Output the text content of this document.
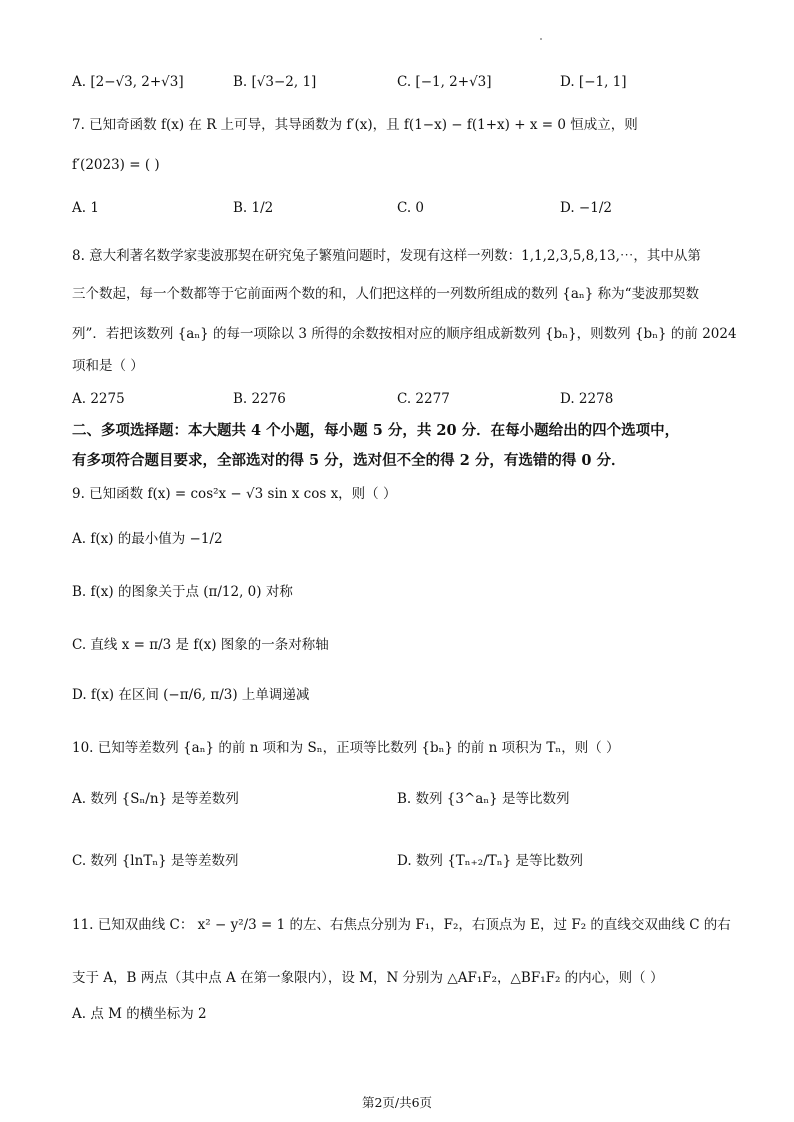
A. [2−√3, 2+√3]	B. [√3−2, 1]	C. [−1, 2+√3]	D. [−1, 1]
7. 已知奇函数 f(x) 在 R 上可导，其导函数为 f′(x)，且 f(1−x) − f(1+x) + x = 0 恒成立，则
f′(2023) = ( )
A. 1	B. 1/2	C. 0	D. −1/2
8. 意大利著名数学家斐波那契在研究兔子繁殖问题时，发现有这样一列数：1,1,2,3,5,8,13,⋯，其中从第
三个数起，每一个数都等于它前面两个数的和，人们把这样的一列数所组成的数列 {aₙ} 称为“斐波那契数
列”．若把该数列 {aₙ} 的每一项除以 3 所得的余数按相对应的顺序组成新数列 {bₙ}，则数列 {bₙ} 的前 2024
项和是（ ）
A. 2275	B. 2276	C. 2277	D. 2278
二、多项选择题：本大题共 4 个小题，每小题 5 分，共 20 分．在每小题给出的四个选项中，
有多项符合题目要求，全部选对的得 5 分，选对但不全的得 2 分，有选错的得 0 分．
9. 已知函数 f(x) = cos²x − √3 sin x cos x，则（ ）
A. f(x) 的最小值为 −1/2
B. f(x) 的图象关于点 (π/12, 0) 对称
C. 直线 x = π/3 是 f(x) 图象的一条对称轴
D. f(x) 在区间 (−π/6, π/3) 上单调递减
10. 已知等差数列 {aₙ} 的前 n 项和为 Sₙ，正项等比数列 {bₙ} 的前 n 项积为 Tₙ，则（ ）
A. 数列 {Sₙ/n} 是等差数列	B. 数列 {3^aₙ} 是等比数列
C. 数列 {lnTₙ} 是等差数列	D. 数列 {Tₙ₊₂/Tₙ} 是等比数列
11. 已知双曲线 C： x² − y²/3 = 1 的左、右焦点分别为 F₁，F₂，右顶点为 E，过 F₂ 的直线交双曲线 C 的右
支于 A，B 两点（其中点 A 在第一象限内），设 M，N 分别为 △AF₁F₂，△BF₁F₂ 的内心，则（ ）
A. 点 M 的横坐标为 2
第2页/共6页
